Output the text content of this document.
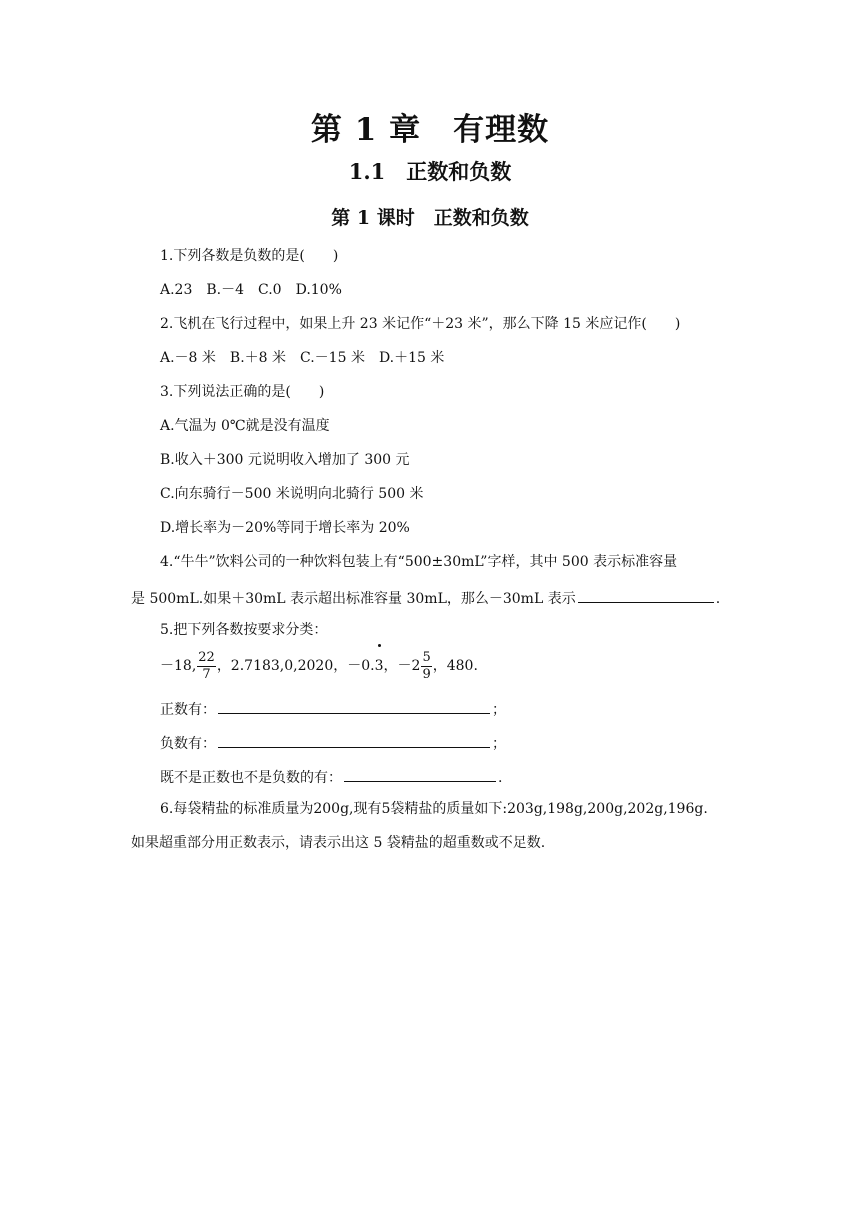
第 1 章　有理数
1.1　正数和负数
第 1 课时　正数和负数
1.下列各数是负数的是(　　)
A.23　B.－4　C.0　D.10%
2.飞机在飞行过程中，如果上升 23 米记作“＋23 米”，那么下降 15 米应记作(　　)
A.－8 米　B.＋8 米　C.－15 米　D.＋15 米
3.下列说法正确的是(　　)
A.气温为 0℃就是没有温度
B.收入＋300 元说明收入增加了 300 元
C.向东骑行－500 米说明向北骑行 500 米
D.增长率为－20%等同于增长率为 20%
4.“牛牛”饮料公司的一种饮料包装上有“500±30mL”字样，其中 500 表示标准容量
是 500mL.如果＋30mL 表示超出标准容量 30mL，那么－30mL 表示	.
5.把下列各数按要求分类：
－18, $\frac{22}{7}$ ，2.7183,0,2020，－0.3，$-2 \frac{5}{9}$ ，480.
正数有：	；
负数有：	；
既不是正数也不是负数的有：	.
6.每袋精盐的标准质量为200g,现有5袋精盐的质量如下:203g,198g,200g,202g,196g.
如果超重部分用正数表示，请表示出这 5 袋精盐的超重数或不足数.
